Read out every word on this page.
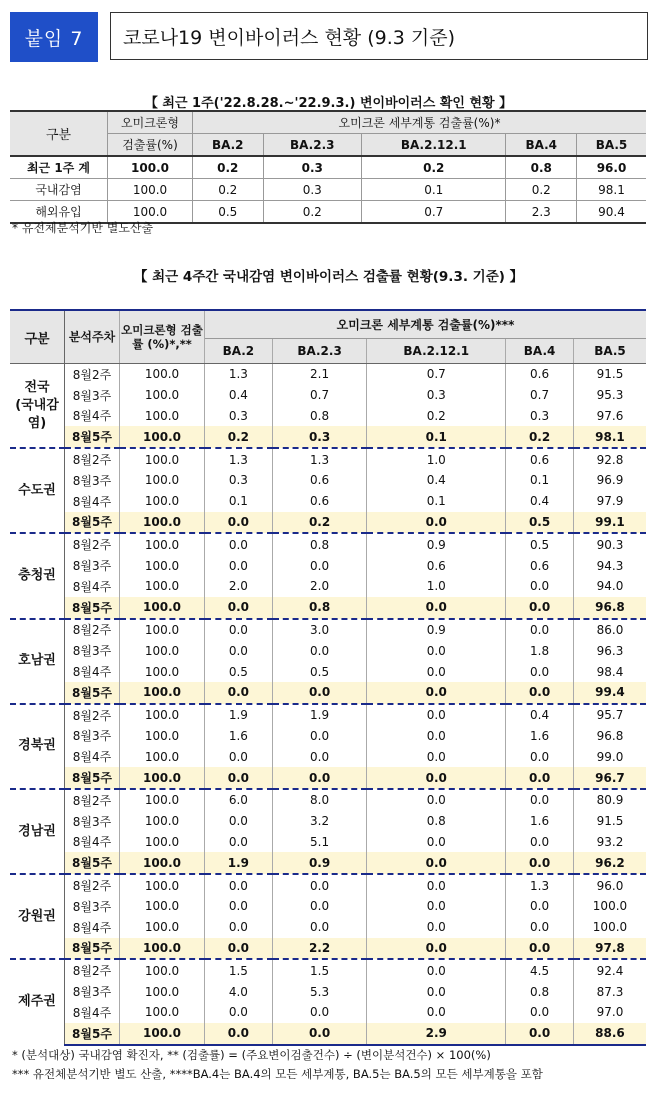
붙임 7	코로나19 변이바이러스 현황 (9.3 기준)
【 최근 1주('22.8.28.~'22.9.3.) 변이바이러스 확인 현황 】
구분	오미크론형	오미크론 세부계통 검출률(%)*				
	검출률(%)	BA.2	BA.2.3	BA.2.12.1	BA.4	BA.5
최근 1주 계	100.0	0.2	0.3	0.2	0.8	96.0
국내감염	100.0	0.2	0.3	0.1	0.2	98.1
해외유입	100.0	0.5	0.2	0.7	2.3	90.4
* 유전체분석기반 별도산출
【 최근 4주간 국내감염 변이바이러스 검출률 현황(9.3. 기준) 】
구분	분석주차	오미크론형 검출률 (%)*,**	오미크론 세부계통 검출률(%)***				
			BA.2	BA.2.3	BA.2.12.1	BA.4	BA.5
전국
(국내감염)	8월2주	100.0	1.3	2.1	0.7	0.6	91.5
	8월3주	100.0	0.4	0.7	0.3	0.7	95.3
	8월4주	100.0	0.3	0.8	0.2	0.3	97.6
	8월5주	100.0	0.2	0.3	0.1	0.2	98.1
수도권	8월2주	100.0	1.3	1.3	1.0	0.6	92.8
	8월3주	100.0	0.3	0.6	0.4	0.1	96.9
	8월4주	100.0	0.1	0.6	0.1	0.4	97.9
	8월5주	100.0	0.0	0.2	0.0	0.5	99.1
충청권	8월2주	100.0	0.0	0.8	0.9	0.5	90.3
	8월3주	100.0	0.0	0.0	0.6	0.6	94.3
	8월4주	100.0	2.0	2.0	1.0	0.0	94.0
	8월5주	100.0	0.0	0.8	0.0	0.0	96.8
호남권	8월2주	100.0	0.0	3.0	0.9	0.0	86.0
	8월3주	100.0	0.0	0.0	0.0	1.8	96.3
	8월4주	100.0	0.5	0.5	0.0	0.0	98.4
	8월5주	100.0	0.0	0.0	0.0	0.0	99.4
경북권	8월2주	100.0	1.9	1.9	0.0	0.4	95.7
	8월3주	100.0	1.6	0.0	0.0	1.6	96.8
	8월4주	100.0	0.0	0.0	0.0	0.0	99.0
	8월5주	100.0	0.0	0.0	0.0	0.0	96.7
경남권	8월2주	100.0	6.0	8.0	0.0	0.0	80.9
	8월3주	100.0	0.0	3.2	0.8	1.6	91.5
	8월4주	100.0	0.0	5.1	0.0	0.0	93.2
	8월5주	100.0	1.9	0.9	0.0	0.0	96.2
강원권	8월2주	100.0	0.0	0.0	0.0	1.3	96.0
	8월3주	100.0	0.0	0.0	0.0	0.0	100.0
	8월4주	100.0	0.0	0.0	0.0	0.0	100.0
	8월5주	100.0	0.0	2.2	0.0	0.0	97.8
제주권	8월2주	100.0	1.5	1.5	0.0	4.5	92.4
	8월3주	100.0	4.0	5.3	0.0	0.8	87.3
	8월4주	100.0	0.0	0.0	0.0	0.0	97.0
	8월5주	100.0	0.0	0.0	2.9	0.0	88.6
* (분석대상) 국내감염 확진자, ** (검출률) = (주요변이검출건수) ÷ (변이분석건수) × 100(%)
*** 유전체분석기반 별도 산출, ****BA.4는 BA.4의 모든 세부계통, BA.5는 BA.5의 모든 세부계통을 포함
